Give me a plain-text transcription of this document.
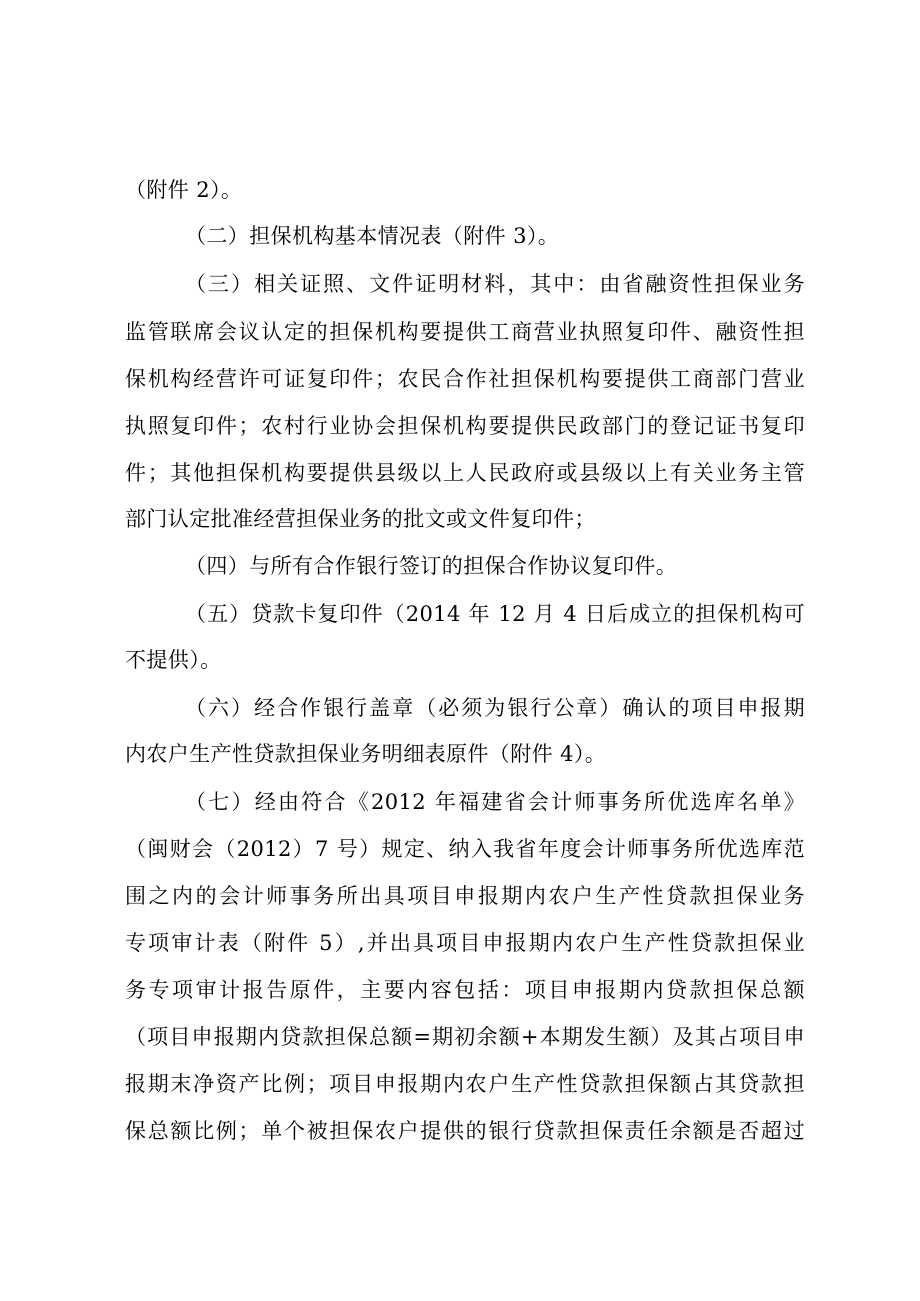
（附件 2）。
（二）担保机构基本情况表（附件 3）。
（三）相关证照、文件证明材料，其中：由省融资性担保业务
监管联席会议认定的担保机构要提供工商营业执照复印件、融资性担
保机构经营许可证复印件；农民合作社担保机构要提供工商部门营业
执照复印件；农村行业协会担保机构要提供民政部门的登记证书复印
件；其他担保机构要提供县级以上人民政府或县级以上有关业务主管
部门认定批准经营担保业务的批文或文件复印件；
（四）与所有合作银行签订的担保合作协议复印件。
（五）贷款卡复印件（2014 年 12 月 4 日后成立的担保机构可
不提供）。
（六）经合作银行盖章（必须为银行公章）确认的项目申报期
内农户生产性贷款担保业务明细表原件（附件 4）。
（七）经由符合《2012 年福建省会计师事务所优选库名单》
（闽财会（2012）7 号）规定、纳入我省年度会计师事务所优选库范
围之内的会计师事务所出具项目申报期内农户生产性贷款担保业务
专项审计表（附件 5）,并出具项目申报期内农户生产性贷款担保业
务专项审计报告原件，主要内容包括：项目申报期内贷款担保总额
（项目申报期内贷款担保总额=期初余额+本期发生额）及其占项目申
报期末净资产比例；项目申报期内农户生产性贷款担保额占其贷款担
保总额比例；单个被担保农户提供的银行贷款担保责任余额是否超过
